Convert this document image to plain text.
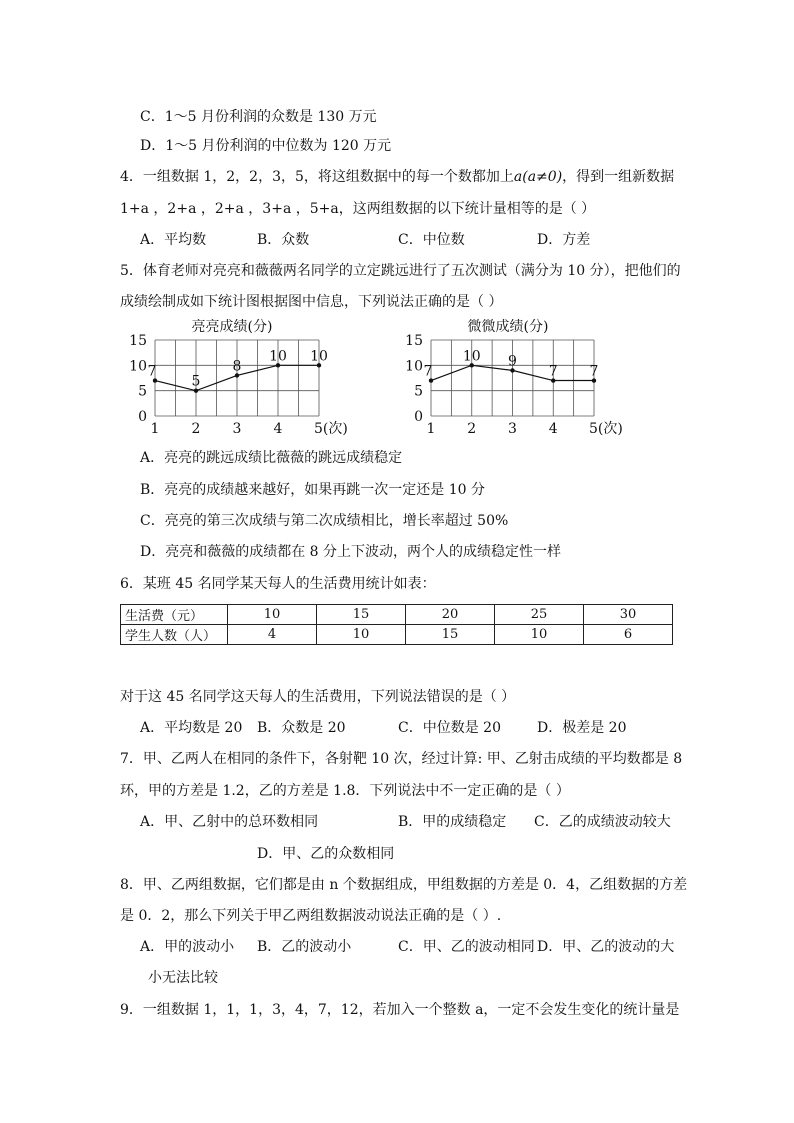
C．1～5 月份利润的众数是 130 万元
D．1～5 月份利润的中位数为 120 万元
4．一组数据 1，2，2，3，5，将这组数据中的每一个数都加上a(a≠0)，得到一组新数据
1+a ，2+a ，2+a ，3+a ，5+a，这两组数据的以下统计量相等的是（ ）
A．平均数	B．众数	C．中位数	D．方差
5．体育老师对亮亮和薇薇两名同学的立定跳远进行了五次测试（满分为 10 分），把他们的
成绩绘制成如下统计图根据图中信息，下列说法正确的是（ ）
亮亮成绩(分)
0
5
10
15
1 2 3 4 5(次)
7
5
8
10 10
微微成绩(分)
0
5
10
15
1 2 3 4 5(次)
7
10 9
7 7
A．亮亮的跳远成绩比薇薇的跳远成绩稳定
B．亮亮的成绩越来越好，如果再跳一次一定还是 10 分
C．亮亮的第三次成绩与第二次成绩相比，增长率超过 50%
D．亮亮和薇薇的成绩都在 8 分上下波动，两个人的成绩稳定性一样
6．某班 45 名同学某天每人的生活费用统计如表：
生活费（元）	10	15	20	25	30
学生人数（人）	4	10	15	10	6
对于这 45 名同学这天每人的生活费用，下列说法错误的是（ ）
A．平均数是 20 B．众数是 20	C．中位数是 20	D．极差是 20
7．甲、乙两人在相同的条件下，各射靶 10 次，经过计算: 甲、乙射击成绩的平均数都是 8
环，甲的方差是 1.2，乙的方差是 1.8．下列说法中不一定正确的是（ ）
A．甲、乙射中的总环数相同	B．甲的成绩稳定 C．乙的成绩波动较大
D．甲、乙的众数相同
8．甲、乙两组数据，它们都是由 n 个数据组成，甲组数据的方差是 0．4，乙组数据的方差
是 0．2，那么下列关于甲乙两组数据波动说法正确的是（ ）.
A．甲的波动小 B．乙的波动小	C．甲、乙的波动相同 D．甲、乙的波动的大
小无法比较
9．一组数据 1，1，1，3，4，7，12，若加入一个整数 a，一定不会发生变化的统计量是
